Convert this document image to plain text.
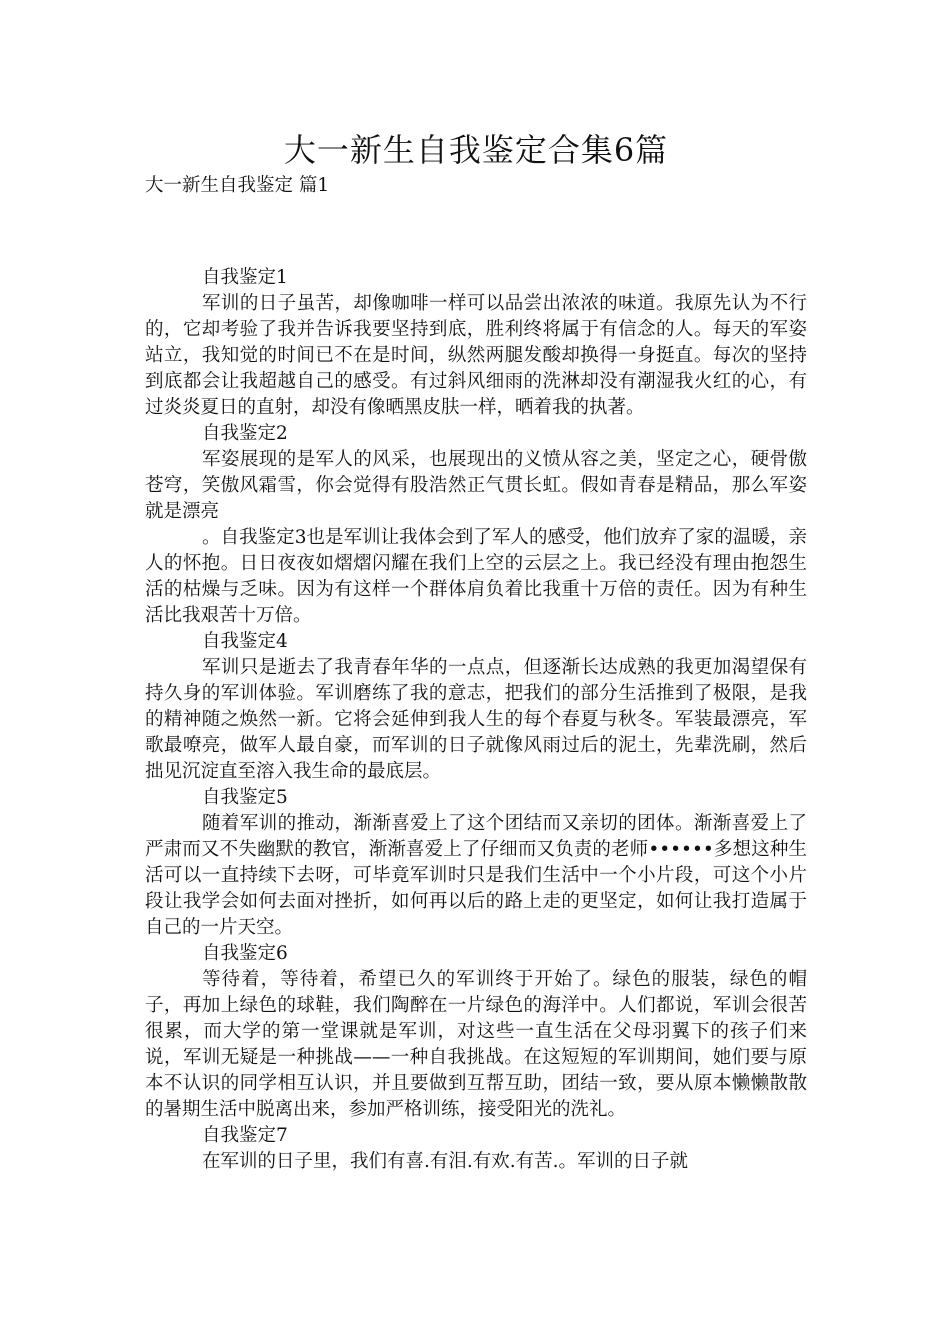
大一新生自我鉴定合集6篇

大一新生自我鉴定 篇1

自我鉴定1

军训的日子虽苦，却像咖啡一样可以品尝出浓浓的味道。我原先认为不行的，它却考验了我并告诉我要坚持到底，胜利终将属于有信念的人。每天的军姿站立，我知觉的时间已不在是时间，纵然两腿发酸却换得一身挺直。每次的坚持到底都会让我超越自己的感受。有过斜风细雨的洗淋却没有潮湿我火红的心，有过炎炎夏日的直射，却没有像晒黑皮肤一样，晒着我的执著。

自我鉴定2

军姿展现的是军人的风采，也展现出的义愤从容之美，坚定之心，硬骨傲苍穹，笑傲风霜雪，你会觉得有股浩然正气贯长虹。假如青春是精品，那么军姿就是漂亮

。自我鉴定3也是军训让我体会到了军人的感受，他们放弃了家的温暖，亲人的怀抱。日日夜夜如熠熠闪耀在我们上空的云层之上。我已经没有理由抱怨生活的枯燥与乏味。因为有这样一个群体肩负着比我重十万倍的责任。因为有种生活比我艰苦十万倍。

自我鉴定4

军训只是逝去了我青春年华的一点点，但逐渐长达成熟的我更加渴望保有持久身的军训体验。军训磨练了我的意志，把我们的部分生活推到了极限，是我的精神随之焕然一新。它将会延伸到我人生的每个春夏与秋冬。军装最漂亮，军歌最嘹亮，做军人最自豪，而军训的日子就像风雨过后的泥土，先辈洗刷，然后拙见沉淀直至溶入我生命的最底层。

自我鉴定5

随着军训的推动，渐渐喜爱上了这个团结而又亲切的团体。渐渐喜爱上了严肃而又不失幽默的教官，渐渐喜爱上了仔细而又负责的老师••••••多想这种生活可以一直持续下去呀，可毕竟军训时只是我们生活中一个小片段，可这个小片段让我学会如何去面对挫折，如何再以后的路上走的更坚定，如何让我打造属于自己的一片天空。

自我鉴定6

等待着，等待着，希望已久的军训终于开始了。绿色的服装，绿色的帽子，再加上绿色的球鞋，我们陶醉在一片绿色的海洋中。人们都说，军训会很苦很累，而大学的第一堂课就是军训，对这些一直生活在父母羽翼下的孩子们来说，军训无疑是一种挑战——一种自我挑战。在这短短的军训期间，她们要与原本不认识的同学相互认识，并且要做到互帮互助，团结一致，要从原本懒懒散散的暑期生活中脱离出来，参加严格训练，接受阳光的洗礼。

自我鉴定7

在军训的日子里，我们有喜.有泪.有欢.有苦.。军训的日子就
